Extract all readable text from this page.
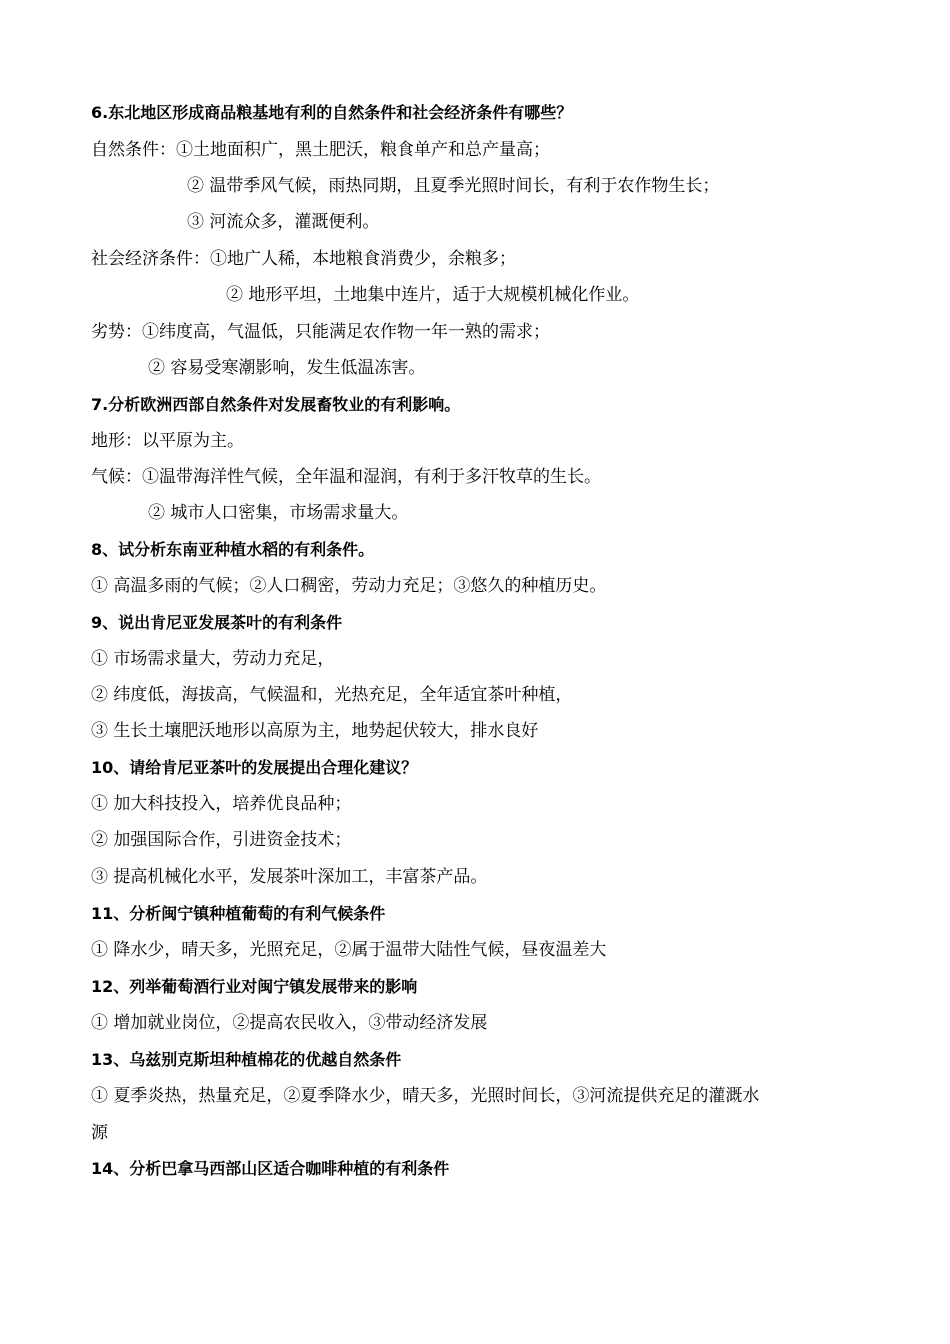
6.东北地区形成商品粮基地有利的自然条件和社会经济条件有哪些？
自然条件：①土地面积广，黑土肥沃，粮食单产和总产量高；
② 温带季风气候，雨热同期，且夏季光照时间长，有利于农作物生长；
③ 河流众多，灌溉便利。
社会经济条件：①地广人稀，本地粮食消费少，余粮多；
② 地形平坦，土地集中连片，适于大规模机械化作业。
劣势：①纬度高，气温低，只能满足农作物一年一熟的需求；
② 容易受寒潮影响，发生低温冻害。
7.分析欧洲西部自然条件对发展畜牧业的有利影响。
地形：以平原为主。
气候：①温带海洋性气候，全年温和湿润，有利于多汗牧草的生长。
② 城市人口密集，市场需求量大。
8、试分析东南亚种植水稻的有利条件。
① 高温多雨的气候；②人口稠密，劳动力充足；③悠久的种植历史。
9、说出肯尼亚发展茶叶的有利条件
① 市场需求量大，劳动力充足，
② 纬度低，海拔高，气候温和，光热充足，全年适宜茶叶种植，
③ 生长土壤肥沃地形以高原为主，地势起伏较大，排水良好
10、请给肯尼亚茶叶的发展提出合理化建议？
① 加大科技投入，培养优良品种；
② 加强国际合作，引进资金技术；
③ 提高机械化水平，发展茶叶深加工，丰富茶产品。
11、分析闽宁镇种植葡萄的有利气候条件
① 降水少，晴天多，光照充足，②属于温带大陆性气候，昼夜温差大
12、列举葡萄酒行业对闽宁镇发展带来的影响
① 增加就业岗位，②提高农民收入，③带动经济发展
13、乌兹别克斯坦种植棉花的优越自然条件
① 夏季炎热，热量充足，②夏季降水少，晴天多，光照时间长，③河流提供充足的灌溉水
源
14、分析巴拿马西部山区适合咖啡种植的有利条件
